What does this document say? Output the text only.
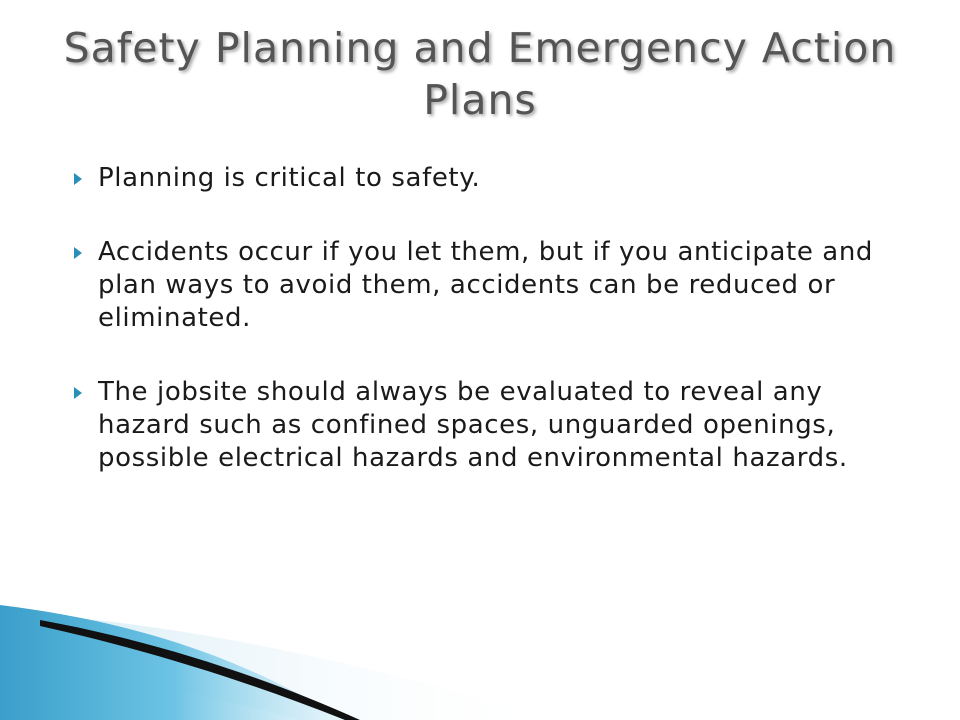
Safety Planning and Emergency Action Plans
Planning is critical to safety.
Accidents occur if you let them, but if you anticipate and plan ways to avoid them, accidents can be reduced or eliminated.
The jobsite should always be evaluated to reveal any hazard such as confined spaces, unguarded openings, possible electrical hazards and environmental hazards.
